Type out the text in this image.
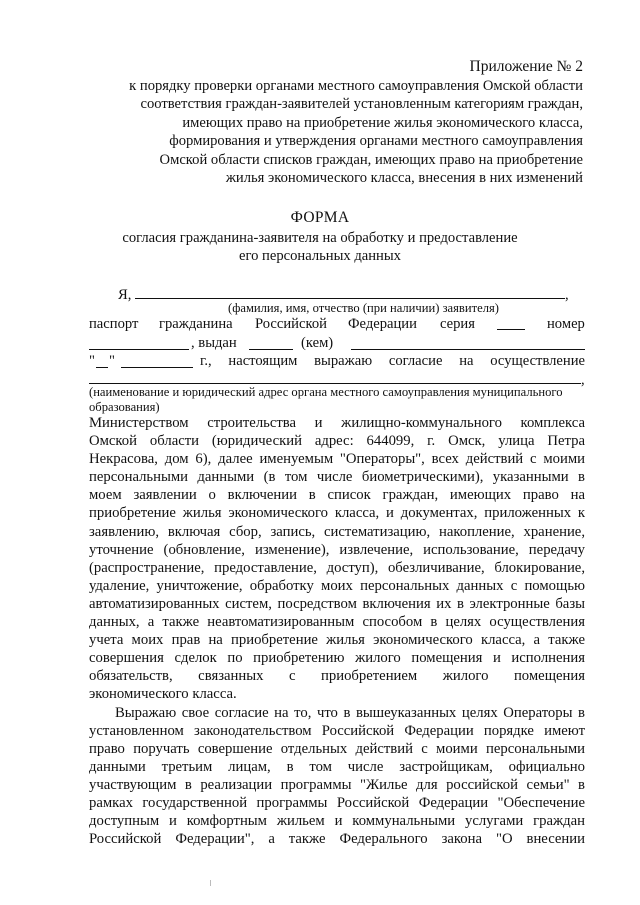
Приложение № 2
к порядку проверки органами местного самоуправления Омской области
соответствия граждан-заявителей установленным категориям граждан,
имеющих право на приобретение жилья экономического класса,
формирования и утверждения органами местного самоуправления
Омской области списков граждан, имеющих право на приобретение
жилья экономического класса, внесения в них изменений
ФОРМА
согласия гражданина-заявителя на обработку и предоставление
его персональных данных
Я,	,
(фамилия, имя, отчество (при наличии) заявителя)
паспорт гражданина Российской Федерации серия	номер
, выдан	(кем)
" "	г., настоящим выражаю согласие на осуществление
,
(наименование и юридический адрес органа местного самоуправления муниципального
образования)
Министерством строительства и жилищно-коммунального комплекса
Омской области (юридический адрес: 644099, г. Омск, улица Петра
Некрасова, дом 6), далее именуемым "Операторы", всех действий с моими
персональными данными (в том числе биометрическими), указанными в
моем заявлении о включении в список граждан, имеющих право на
приобретение жилья экономического класса, и документах, приложенных к
заявлению, включая сбор, запись, систематизацию, накопление, хранение,
уточнение (обновление, изменение), извлечение, использование, передачу
(распространение, предоставление, доступ), обезличивание, блокирование,
удаление, уничтожение, обработку моих персональных данных с помощью
автоматизированных систем, посредством включения их в электронные базы
данных, а также неавтоматизированным способом в целях осуществления
учета моих прав на приобретение жилья экономического класса, а также
совершения сделок по приобретению жилого помещения и исполнения
обязательств, связанных с приобретением жилого помещения
экономического класса.
Выражаю свое согласие на то, что в вышеуказанных целях Операторы в
установленном законодательством Российской Федерации порядке имеют
право поручать совершение отдельных действий с моими персональными
данными третьим лицам, в том числе застройщикам, официально
участвующим в реализации программы "Жилье для российской семьи" в
рамках государственной программы Российской Федерации "Обеспечение
доступным и комфортным жильем и коммунальными услугами граждан
Российской Федерации", а также Федерального закона "О внесении
